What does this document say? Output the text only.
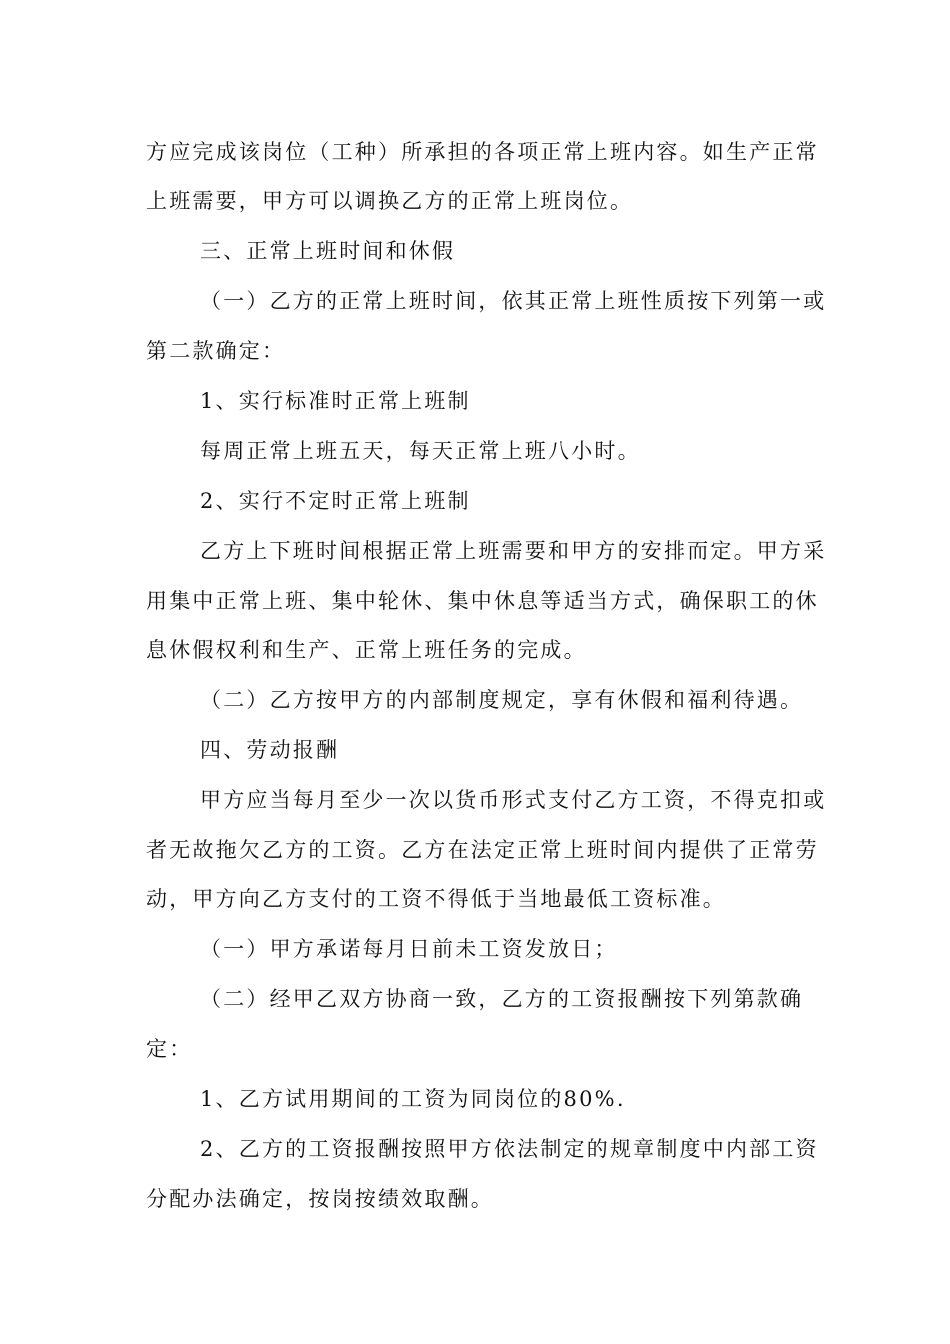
方应完成该岗位（工种）所承担的各项正常上班内容。如生产正常
上班需要，甲方可以调换乙方的正常上班岗位。
三、正常上班时间和休假
（一）乙方的正常上班时间，依其正常上班性质按下列第一或
第二款确定：
1、实行标准时正常上班制
每周正常上班五天，每天正常上班八小时。
2、实行不定时正常上班制
乙方上下班时间根据正常上班需要和甲方的安排而定。甲方采
用集中正常上班、集中轮休、集中休息等适当方式，确保职工的休
息休假权利和生产、正常上班任务的完成。
（二）乙方按甲方的内部制度规定，享有休假和福利待遇。
四、劳动报酬
甲方应当每月至少一次以货币形式支付乙方工资，不得克扣或
者无故拖欠乙方的工资。乙方在法定正常上班时间内提供了正常劳
动，甲方向乙方支付的工资不得低于当地最低工资标准。
（一）甲方承诺每月日前未工资发放日；
（二）经甲乙双方协商一致，乙方的工资报酬按下列第款确
定：
1、乙方试用期间的工资为同岗位的80%.
2、乙方的工资报酬按照甲方依法制定的规章制度中内部工资
分配办法确定，按岗按绩效取酬。
